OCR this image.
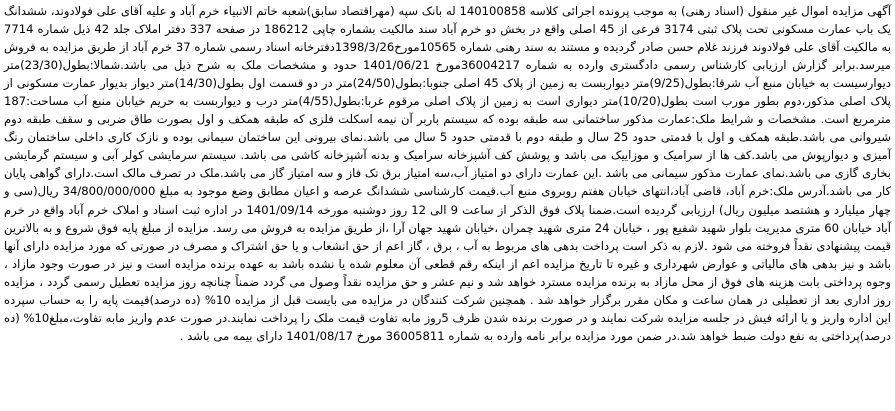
آگهی مزایده اموال غیر منقول (اسناد رهنی) به موجب پرونده اجرائی کلاسه 140100858 له بانک سپه (مهراقتصاد سابق)شعبه خاتم الانبیاء خرم آباد و علیه آقای علی فولادوند، ششدانگ یک باب عمارت مسکونی تحت پلاک ثبتی 3174 فرعی از 45 اصلی واقع در بخش دو خرم آباد سند مالکیت بشماره چاپی 186212 در صفحه 337 دفتر املاک جلد 42 ذیل شماره 7714 به مالکیت آقای علی فولادوند فرزند غلام حسن صادر گردیده و مستند به سند رهنی شماره 10565مورخ1398/3/26دفترخانه اسناد رسمی شماره 37 خرم آباد از طریق مزایده به فروش میرسد.برابر گزارش ارزیابی کارشناس رسمی دادگستری وارده به شماره 36004217مورخ 1401/06/21 حدود و مشخصات ملک به شرح ذیل می باشد.شمالا:بطول(23/30)متر دیوارسیست به خیابان منبع آب شرقا:بطول(9/25)متر دیواربست به زمین از پلاک 45 اصلی جنوبا:بطول(24/50)متر در دو قسمت اول بطول(14/30)متر دیوار بدیوار عمارت مسکونی از پلاک اصلی مذکور،دوم بطور مورب است بطول(10/20)متر دیواری است به زمین از پلاک اصلی مرقوم غربا:بطول(4/55)متر درب و دیواربست به حریم خیابان منبع آب مساحت:187 مترمربع است. مشخصات و شرایط ملک:عمارت مذکور ساختمانی سه طبقه بوده که سیستم باربر آن نیمه اسکلت فلزی که طبقه همکف و اول بصورت طاق ضربی و سقف طبقه دوم شیروانی می باشد.طبقه همکف و اول با قدمتی حدود 25 سال و طبقه دوم با قدمتی حدود 5 سال می باشد.نمای بیرونی این ساختمان سیمانی بوده و نازک کاری داخلی ساختمان رنگ آمیزی و دیوارپوش می باشد.کف ها از سرامیک و موزاییک می باشد و پوشش کف آشپزخانه سرامیک و بدنه آشپزخانه کاشی می باشد. سیستم سرمایشی کولر آبی و سیستم گرمایشی بخاری گازی می باشد.نمای عمارت مذکور سیمانی می باشد .این عمارت دارای دو امتیاز آب،سه امتیاز برق تک فاز و سه امتیاز گاز می باشد.ملک در تصرف مالک است.دارای گواهی پایان کار می باشد.آدرس ملک:خرم آباد، قاضی آباد،انتهای خیابان هفتم روبروی منبع آب.قیمت کارشناسی ششدانگ عرصه و اعیان مطابق وضع موجود به مبلغ 34/800/000/000 ریال(سی و چهار میلیارد و هشتصد میلیون ریال) ارزیابی گردیده است.ضمنا پلاک فوق الذکر از ساعت 9 الی 12 روز دوشنبه مورخه 1401/09/14 در اداره ثبت اسناد و املاک خرم آباد واقع در خرم آباد خیابان 60 متری مدیریت بلوار شهید شفیع پور ، خیابان 24 متری شهید چمران ،خیابان شهید جهان آرا ،از طریق مزایده به فروش می رسد. مزایده از مبلغ پایه فوق شروع و به بالاترین قیمت پیشنهادی نقداً فروخته می شود .لازم به ذکر است پرداخت بدهی های مربوط به آب ، برق ، گاز اعم از حق انشعاب و یا حق اشتراک و مصرف در صورتی که مورد مزایده دارای آنها باشد و نیز بدهی های مالیاتی و عوارض شهرداری و غیره تا تاریخ مزایده اعم از اینکه رقم قطعی آن معلوم شده یا نشده باشد به عهده برنده مزایده است و نیز در صورت وجود مازاد ، وجوه پرداختی بابت هزینه های فوق از محل مازاد به برنده مزایده مسترد خواهد شد و نیم عشر و حق مزایده نقداً وصول می گردد ضمناً چنانچه روز مزایده تعطیل رسمی گردد ، مزایده روز اداری بعد از تعطیلی در همان ساعت و مکان مقرر برگزار خواهد شد . همچنین شرکت کنندگان در مزایده می بایست قبل از مزایده 10% (ده درصد)قیمت پایه را به حساب سپرده این اداره واریز و یا ارائه فیش در جلسه مزایده شرکت نمایند و در صورت برنده شدن ظرف 5روز مابه تفاوت قیمت ملک را پرداخت نمایند.در صورت عدم واریز مابه تفاوت،مبلغ10% (ده درصد)پرداختی به نفع دولت ضبط خواهد شد.در ضمن مورد مزایده برابر نامه وارده به شماره 36005811 مورخ 1401/08/17 دارای بیمه می باشد .
